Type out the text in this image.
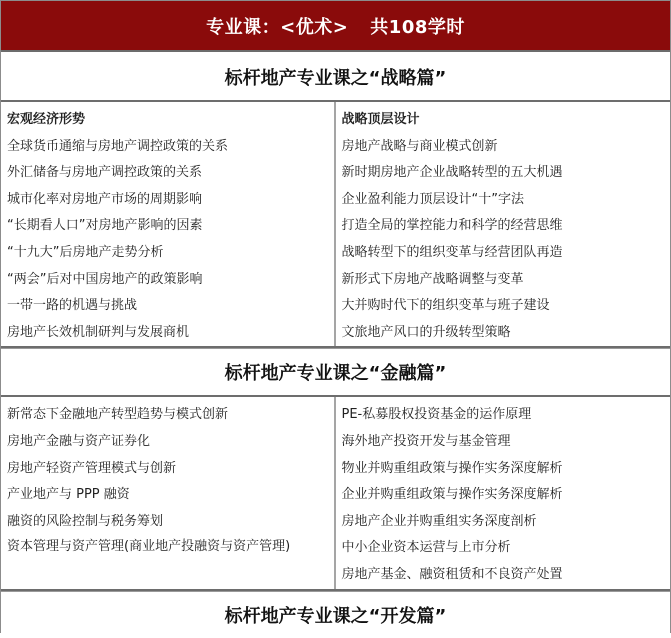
专业课：<优术> 共108学时
标杆地产专业课之“战略篇”
宏观经济形势
全球货币通缩与房地产调控政策的关系
外汇储备与房地产调控政策的关系
城市化率对房地产市场的周期影响
“长期看人口”对房地产影响的因素
“十九大”后房地产走势分析
“两会”后对中国房地产的政策影响
一带一路的机遇与挑战
房地产长效机制研判与发展商机
战略顶层设计
房地产战略与商业模式创新
新时期房地产企业战略转型的五大机遇
企业盈利能力顶层设计“十”字法
打造全局的掌控能力和科学的经营思维
战略转型下的组织变革与经营团队再造
新形式下房地产战略调整与变革
大并购时代下的组织变革与班子建设
文旅地产风口的升级转型策略
标杆地产专业课之“金融篇”
新常态下金融地产转型趋势与模式创新
房地产金融与资产证券化
房地产轻资产管理模式与创新
产业地产与 PPP 融资
融资的风险控制与税务筹划
资本管理与资产管理(商业地产投融资与资产管理)
PE-私募股权投资基金的运作原理
海外地产投资开发与基金管理
物业并购重组政策与操作实务深度解析
企业并购重组政策与操作实务深度解析
房地产企业并购重组实务深度剖析
中小企业资本运营与上市分析
房地产基金、融资租赁和不良资产处置
标杆地产专业课之“开发篇”
